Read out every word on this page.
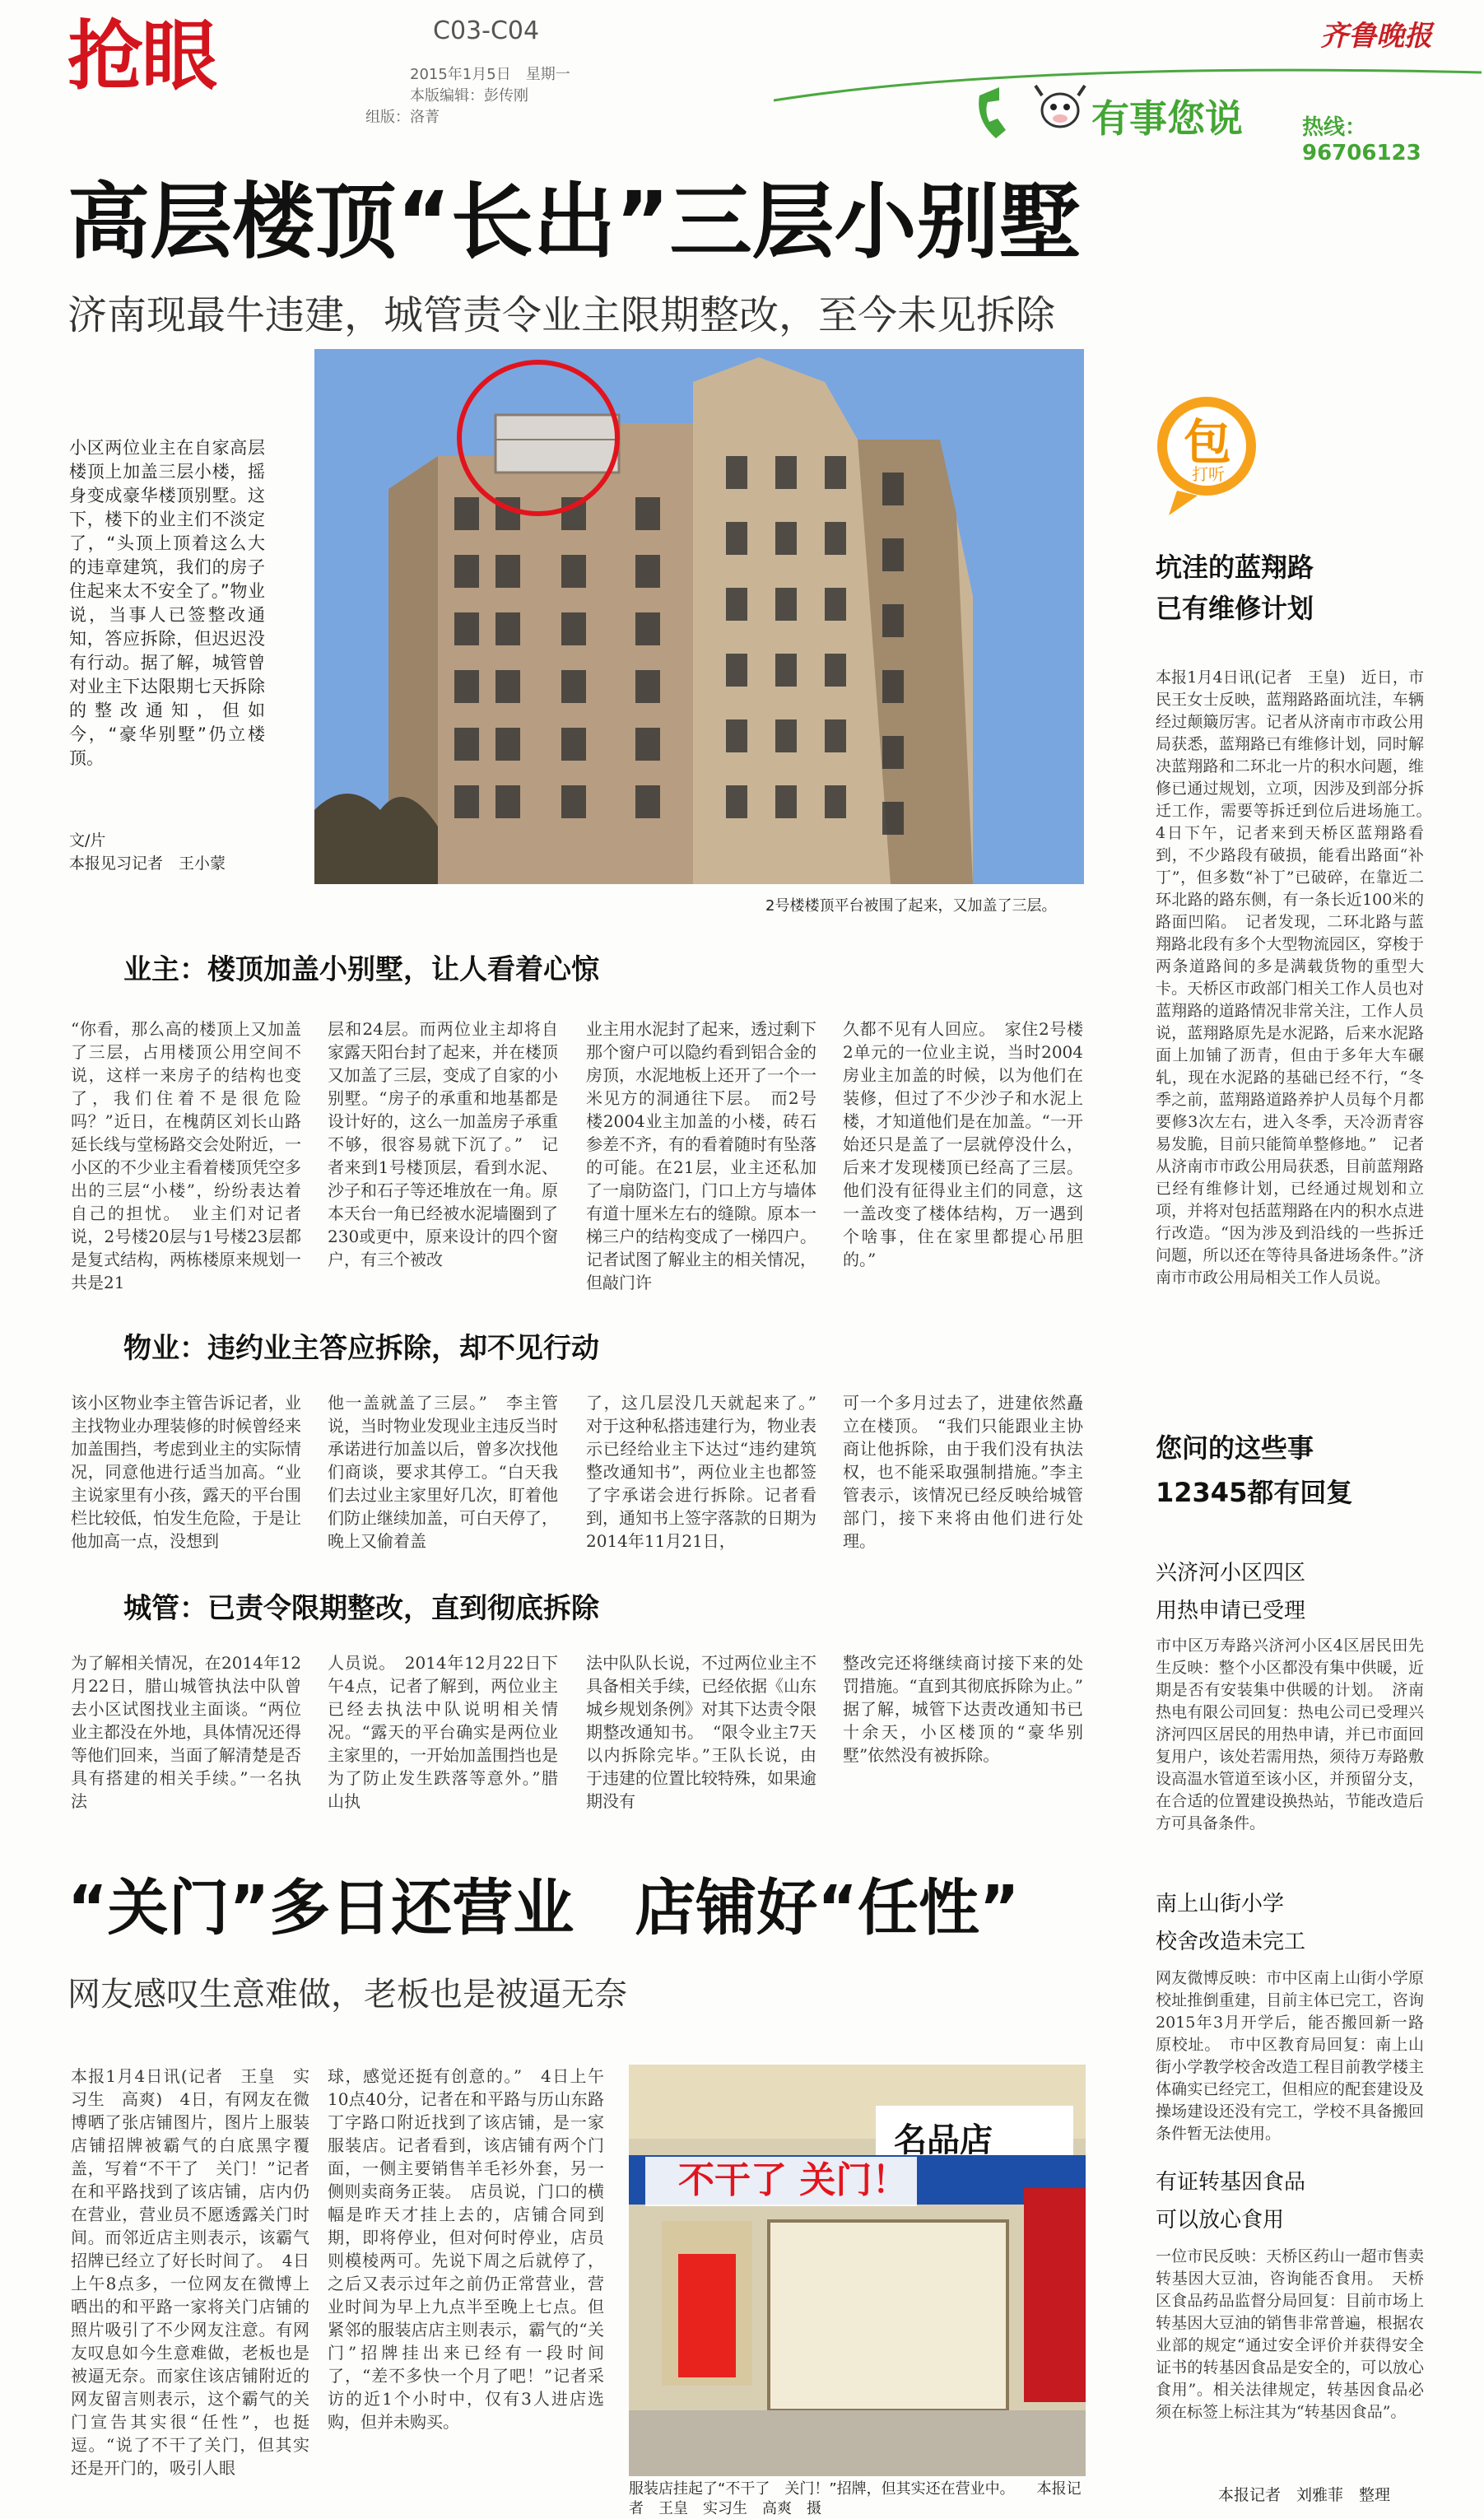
抢眼	C03-C04
2015年1月5日　星期一
本版编辑：彭传刚
组版：洛菁
齐鲁晚报
有事您说	热线：96706123
高层楼顶“长出”三层小别墅
济南现最牛违建，城管责令业主限期整改，至今未见拆除
小区两位业主在自家高层楼顶上加盖三层小楼，摇身变成豪华楼顶别墅。这下，楼下的业主们不淡定了，“头顶上顶着这么大的违章建筑，我们的房子住起来太不安全了。”物业说，当事人已签整改通知，答应拆除，但迟迟没有行动。据了解，城管曾对业主下达限期七天拆除的整改通知，但如今，“豪华别墅”仍立楼顶。
文/片
本报见习记者　王小蒙
2号楼楼顶平台被围了起来，又加盖了三层。
业主：楼顶加盖小别墅，让人看着心惊
“你看，那么高的楼顶上又加盖了三层，占用楼顶公用空间不说，这样一来房子的结构也变了，我们住着不是很危险吗？”近日，在槐荫区刘长山路延长线与堂杨路交会处附近，一小区的不少业主看着楼顶凭空多出的三层“小楼”，纷纷表达着自己的担忧。　业主们对记者说，2号楼20层与1号楼23层都是复式结构，两栋楼原来规划一共是21
层和24层。而两位业主却将自家露天阳台封了起来，并在楼顶又加盖了三层，变成了自家的小别墅。“房子的承重和地基都是设计好的，这么一加盖房子承重不够，很容易就下沉了。”　记者来到1号楼顶层，看到水泥、沙子和石子等还堆放在一角。原本天台一角已经被水泥墙圈到了230或更中，原来设计的四个窗户，有三个被改
业主用水泥封了起来，透过剩下那个窗户可以隐约看到铝合金的房顶，水泥地板上还开了一个一米见方的洞通往下层。　而2号楼2004业主加盖的小楼，砖石参差不齐，有的看着随时有坠落的可能。在21层，业主还私加了一扇防盗门，门口上方与墙体有道十厘米左右的缝隙。原本一梯三户的结构变成了一梯四户。记者试图了解业主的相关情况，但敲门许
久都不见有人回应。　家住2号楼2单元的一位业主说，当时2004房业主加盖的时候，以为他们在装修，但过了不少沙子和水泥上楼，才知道他们是在加盖。“一开始还只是盖了一层就停没什么，后来才发现楼顶已经高了三层。他们没有征得业主们的同意，这一盖改变了楼体结构，万一遇到个啥事，住在家里都提心吊胆的。”
物业：违约业主答应拆除，却不见行动
该小区物业李主管告诉记者，业主找物业办理装修的时候曾经来加盖围挡，考虑到业主的实际情况，同意他进行适当加高。“业主说家里有小孩，露天的平台围栏比较低，怕发生危险，于是让他加高一点，没想到
他一盖就盖了三层。”　李主管说，当时物业发现业主违反当时承诺进行加盖以后，曾多次找他们商谈，要求其停工。“白天我们去过业主家里好几次，盯着他们防止继续加盖，可白天停了，晚上又偷着盖
了，这几层没几天就起来了。”　对于这种私搭违建行为，物业表示已经给业主下达过“违约建筑整改通知书”，两位业主也都签了字承诺会进行拆除。记者看到，通知书上签字落款的日期为2014年11月21日，
可一个多月过去了，进建依然矗立在楼顶。　“我们只能跟业主协商让他拆除，由于我们没有执法权，也不能采取强制措施。”李主管表示，该情况已经反映给城管部门，接下来将由他们进行处理。
城管：已责令限期整改，直到彻底拆除
为了解相关情况，在2014年12月22日，腊山城管执法中队曾去小区试图找业主面谈。“两位业主都没在外地，具体情况还得等他们回来，当面了解清楚是否具有搭建的相关手续。”一名执法
人员说。　2014年12月22日下午4点，记者了解到，两位业主已经去执法中队说明相关情况。“露天的平台确实是两位业主家里的，一开始加盖围挡也是为了防止发生跌落等意外。”腊山执
法中队队长说，不过两位业主不具备相关手续，已经依据《山东城乡规划条例》对其下达责令限期整改通知书。　“限令业主7天以内拆除完毕。”王队长说，由于违建的位置比较特殊，如果逾期没有
整改完还将继续商讨接下来的处罚措施。“直到其彻底拆除为止。”　据了解，城管下达责改通知书已十余天，小区楼顶的“豪华别墅”依然没有被拆除。
“关门”多日还营业　店铺好“任性”
网友感叹生意难做，老板也是被逼无奈
本报1月4日讯(记者　王皇　实习生　高爽)　4日，有网友在微博晒了张店铺图片，图片上服装店铺招牌被霸气的白底黑字覆盖，写着“不干了　关门！”记者在和平路找到了该店铺，店内仍在营业，营业员不愿透露关门时间。而邻近店主则表示，该霸气招牌已经立了好长时间了。　4日上午8点多，一位网友在微博上晒出的和平路一家将关门店铺的照片吸引了不少网友注意。有网友叹息如今生意难做，老板也是被逼无奈。而家住该店铺附近的网友留言则表示，这个霸气的关门宣告其实很“任性”，也挺逗。“说了不干了关门，但其实还是开门的，吸引人眼
球，感觉还挺有创意的。”　4日上午10点40分，记者在和平路与历山东路丁字路口附近找到了该店铺，是一家服装店。记者看到，该店铺有两个门面，一侧主要销售羊毛衫外套，另一侧则卖商务正装。　店员说，门口的横幅是昨天才挂上去的，店铺合同到期，即将停业，但对何时停业，店员则模棱两可。先说下周之后就停了，之后又表示过年之前仍正常营业，营业时间为早上九点半至晚上七点。但紧邻的服装店店主则表示，霸气的“关门”招牌挂出来已经有一段时间了，“差不多快一个月了吧！”记者采访的近1个小时中，仅有3人进店选购，但并未购买。
不干了 关门！
名品店
服装店挂起了“不干了　关门！”招牌，但其实还在营业中。　　本报记者　王皇　实习生　高爽　摄
包
打听
坑洼的蓝翔路
已有维修计划
本报1月4日讯(记者　王皇)　近日，市民王女士反映，蓝翔路路面坑洼，车辆经过颠簸厉害。记者从济南市市政公用局获悉，蓝翔路已有维修计划，同时解决蓝翔路和二环北一片的积水问题，维修已通过规划，立项，因涉及到部分拆迁工作，需要等拆迁到位后进场施工。　4日下午，记者来到天桥区蓝翔路看到，不少路段有破损，能看出路面“补丁”，但多数“补丁”已破碎，在靠近二环北路的路东侧，有一条长近100米的路面凹陷。　记者发现，二环北路与蓝翔路北段有多个大型物流园区，穿梭于两条道路间的多是满载货物的重型大卡。天桥区市政部门相关工作人员也对蓝翔路的道路情况非常关注，工作人员说，蓝翔路原先是水泥路，后来水泥路面上加铺了沥青，但由于多年大车碾轧，现在水泥路的基础已经不行，“冬季之前，蓝翔路道路养护人员每个月都要修3次左右，进入冬季，天冷沥青容易发脆，目前只能简单整修地。”　记者从济南市市政公用局获悉，目前蓝翔路已经有维修计划，已经通过规划和立项，并将对包括蓝翔路在内的积水点进行改造。“因为涉及到沿线的一些拆迁问题，所以还在等待具备进场条件。”济南市市政公用局相关工作人员说。
您问的这些事
12345都有回复
兴济河小区四区
用热申请已受理
市中区万寿路兴济河小区4区居民田先生反映：整个小区都没有集中供暖，近期是否有安装集中供暖的计划。　济南热电有限公司回复：热电公司已受理兴济河四区居民的用热申请，并已市面回复用户，该处若需用热，须待万寿路敷设高温水管道至该小区，并预留分支，在合适的位置建设换热站，节能改造后方可具备条件。
南上山街小学
校舍改造未完工
网友微博反映：市中区南上山街小学原校址推倒重建，目前主体已完工，咨询2015年3月开学后，能否搬回新一路原校址。　市中区教育局回复：南上山街小学教学校舍改造工程目前教学楼主体确实已经完工，但相应的配套建设及操场建设还没有完工，学校不具备搬回条件暂无法使用。
有证转基因食品
可以放心食用
一位市民反映：天桥区药山一超市售卖转基因大豆油，咨询能否食用。　天桥区食品药品监督分局回复：目前市场上转基因大豆油的销售非常普遍，根据农业部的规定“通过安全评价并获得安全证书的转基因食品是安全的，可以放心食用”。相关法律规定，转基因食品必须在标签上标注其为“转基因食品”。
本报记者　刘雅菲　整理
